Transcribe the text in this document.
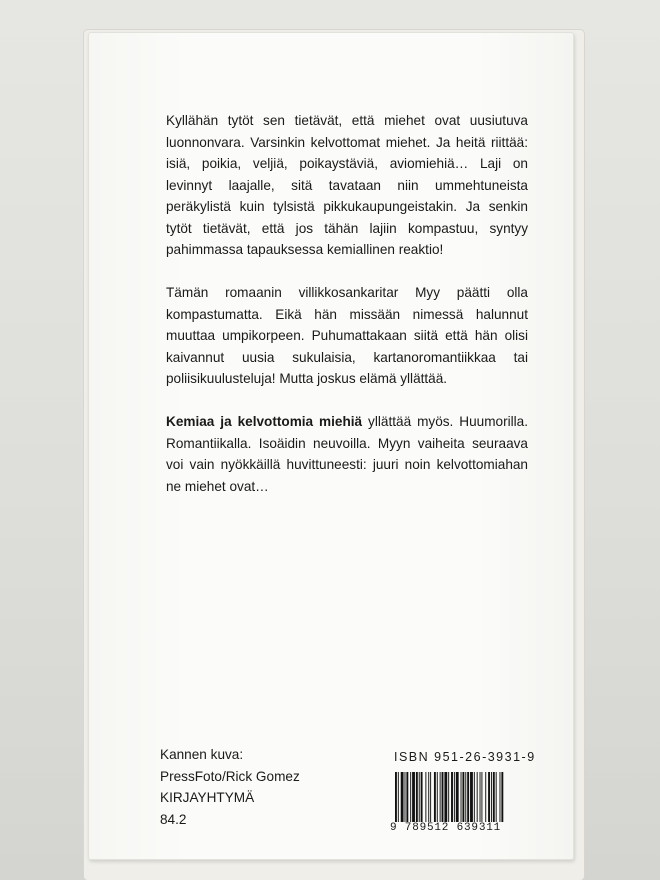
Kyllähän tytöt sen tietävät, että miehet ovat uusiutuva luonnonvara. Varsinkin kelvottomat miehet. Ja heitä riittää: isiä, poikia, veljiä, poikaystäviä, aviomiehiä… Laji on levinnyt laajalle, sitä tavataan niin ummehtuneista peräkylistä kuin tylsistä pikkukaupungeistakin. Ja senkin tytöt tietävät, että jos tähän lajiin kompastuu, syntyy pahimmassa tapauksessa kemiallinen reaktio!

Tämän romaanin villikkosankaritar Myy päätti olla kompastumatta. Eikä hän missään nimessä halunnut muuttaa umpikorpeen. Puhumattakaan siitä että hän olisi kaivannut uusia sukulaisia, kartanoromantiikkaa tai poliisikuulusteluja! Mutta joskus elämä yllättää.

Kemiaa ja kelvottomia miehiä yllättää myös. Huumorilla. Romantiikalla. Isoäidin neuvoilla. Myyn vaiheita seuraava voi vain nyökkäillä huvittuneesti: juuri noin kelvottomiahan ne miehet ovat…

Kannen kuva:
PressFoto/Rick Gomez
KIRJAYHTYMÄ
84.2
ISBN 951-26-3931-9
9 789512 639311
